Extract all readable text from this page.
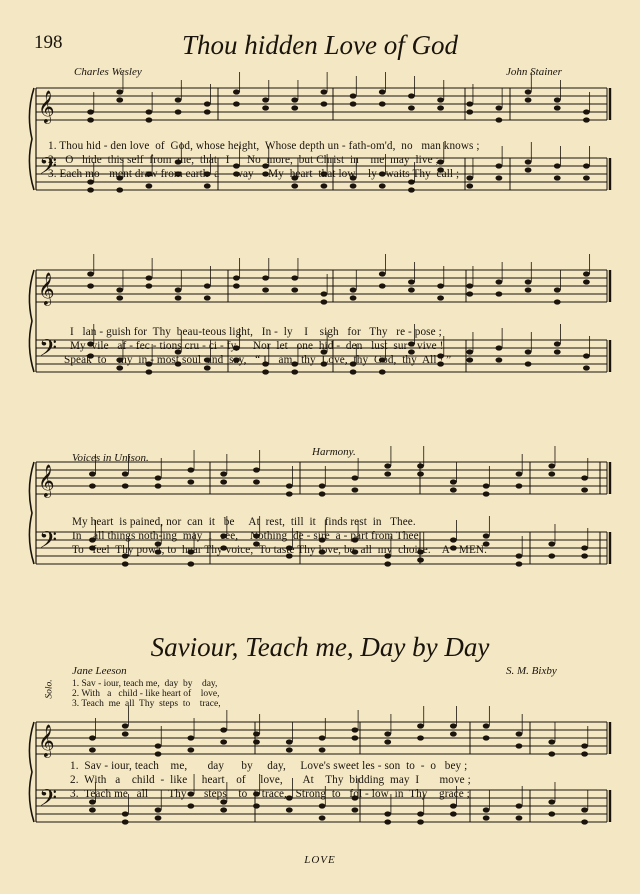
198	Thou hidden Love of God
Charles Wesley	John Stainer
𝄞
𝄢
𝄞
𝄢
𝄞
𝄢
𝄞
𝄢
1. Thou hid - den love  of  God, whose height,  Whose depth un - fath-om'd,  no   man knows ;
2.   O   hide  this self  from  me,  that   I      No  more,  but Christ  in    me  may  live ;
3. Each mo - ment draw from earth  a  -  way     My  heart  that low -  ly   waits Thy  call ;
I   lan - guish for  Thy  beau-teous light,   In -  ly    I    sigh   for   Thy   re - pose ;
My  vile   af - fec - tions cru - ci - fy,     Nor  let   one  hid -  den   lust  sur - vive !
Speak  to    my  in - most soul  and  say,   “ I    am   thy  Love,  thy  God,  thy  All ! ”
Voices in Unison.	Harmony.
My heart  is pained, nor  can  it   be     At  rest,  till  it   finds rest  in   Thee.
In    all things noth-ing  may  I   see,    Nothing  de - sire  a - part from Thee.
To   feel  Thy pow'r, to  hear Thy voice,  To taste Thy love, be  all  my  choice.    A - MEN.
Saviour, Teach me, Day by Day
Jane Leeson	S. M. Bixby
Solo. 1. Sav - iour, teach me,  day  by    day,
2. With   a   child - like heart of    love,
3. Teach  me  all  Thy  steps  to    trace,
1.  Sav - iour, teach    me,       day      by     day,     Love's sweet les - son  to  -  o   bey ;
2.  With   a    child  -  like     heart    of     love,       At    Thy  bidding  may  I       move ;
3.  Teach me   all       Thy      steps    to     trace,   Strong  to   fol - low  in  Thy    grace ;
LOVE
